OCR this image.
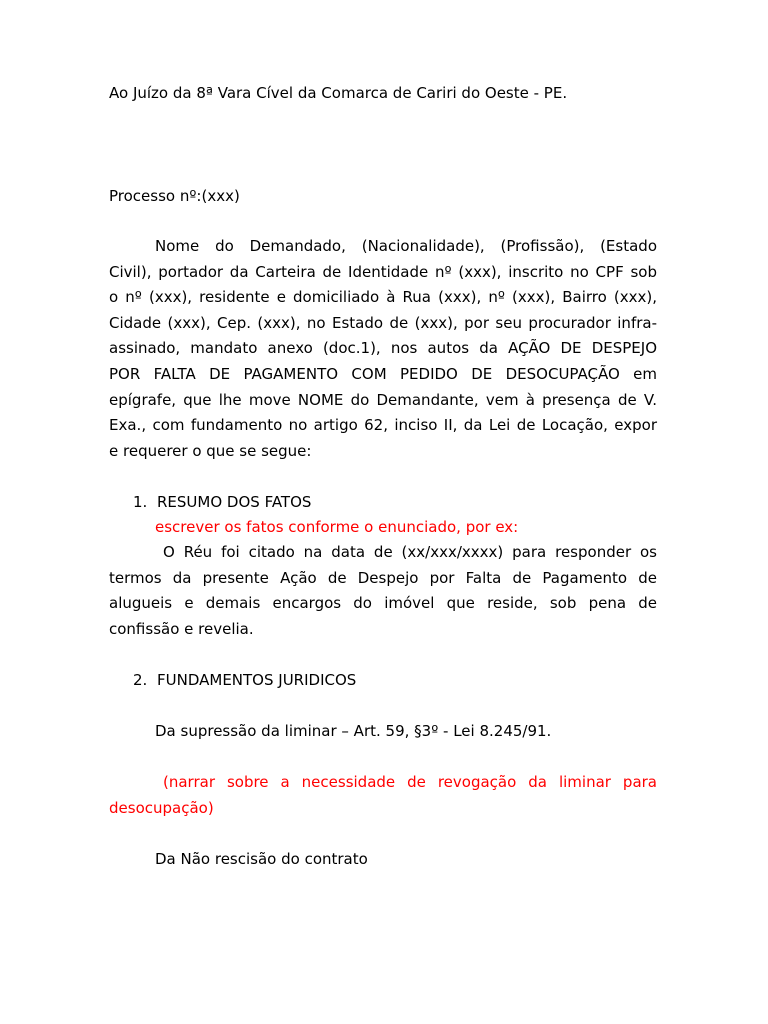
Ao Juízo da 8ª Vara Cível da Comarca de Cariri do Oeste - PE.
Processo nº:(xxx)
Nome do Demandado, (Nacionalidade), (Profissão), (Estado
Civil), portador da Carteira de Identidade nº (xxx), inscrito no CPF sob
o nº (xxx), residente e domiciliado à Rua (xxx), nº (xxx), Bairro (xxx),
Cidade (xxx), Cep. (xxx), no Estado de (xxx), por seu procurador infra-
assinado, mandato anexo (doc.1), nos autos da AÇÃO DE DESPEJO
POR FALTA DE PAGAMENTO COM PEDIDO DE DESOCUPAÇÃO em
epígrafe, que lhe move NOME do Demandante, vem à presença de V.
Exa., com fundamento no artigo 62, inciso II, da Lei de Locação, expor
e requerer o que se segue:
1. RESUMO DOS FATOS
escrever os fatos conforme o enunciado, por ex:
O Réu foi citado na data de (xx/xxx/xxxx) para responder os
termos da presente Ação de Despejo por Falta de Pagamento de
alugueis e demais encargos do imóvel que reside, sob pena de
confissão e revelia.
2. FUNDAMENTOS JURIDICOS
Da supressão da liminar – Art. 59, §3º - Lei 8.245/91.
(narrar sobre a necessidade de revogação da liminar para
desocupação)
Da Não rescisão do contrato
